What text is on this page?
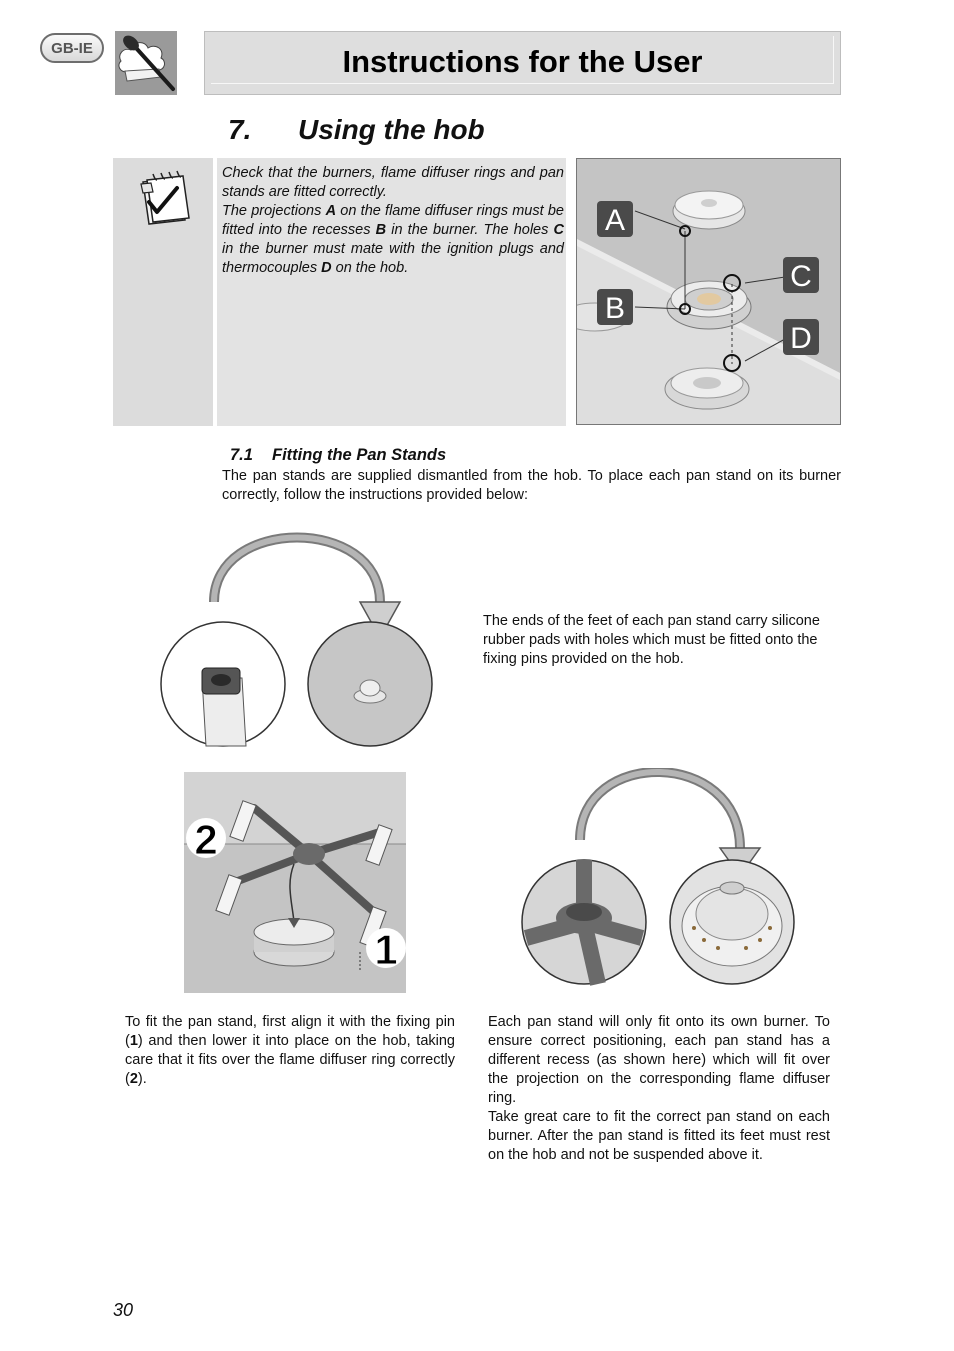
GB-IE	Instructions for the User
7. Using the hob

Check that the burners, flame diffuser rings and pan stands are fitted correctly.

The projections A on the flame diffuser rings must be fitted into the recesses B in the burner. The holes C in the burner must mate with the ignition plugs and thermocouples D on the hob.

A
B
C
D
7.1 Fitting the Pan Stands
The pan stands are supplied dismantled from the hob. To place each pan stand on its burner correctly, follow the instructions provided below:
The ends of the feet of each pan stand carry silicone rubber pads with holes which must be fitted onto the fixing pins provided on the hob.
2
1
To fit the pan stand, first align it with the fixing pin (1) and then lower it into place on the hob, taking care that it fits over the flame diffuser ring correctly (2).

Each pan stand will only fit onto its own burner. To ensure correct positioning, each pan stand has a different recess (as shown here) which will fit over the projection on the corresponding flame diffuser ring.

Take great care to fit the correct pan stand on each burner. After the pan stand is fitted its feet must rest on the hob and not be suspended above it.

30
